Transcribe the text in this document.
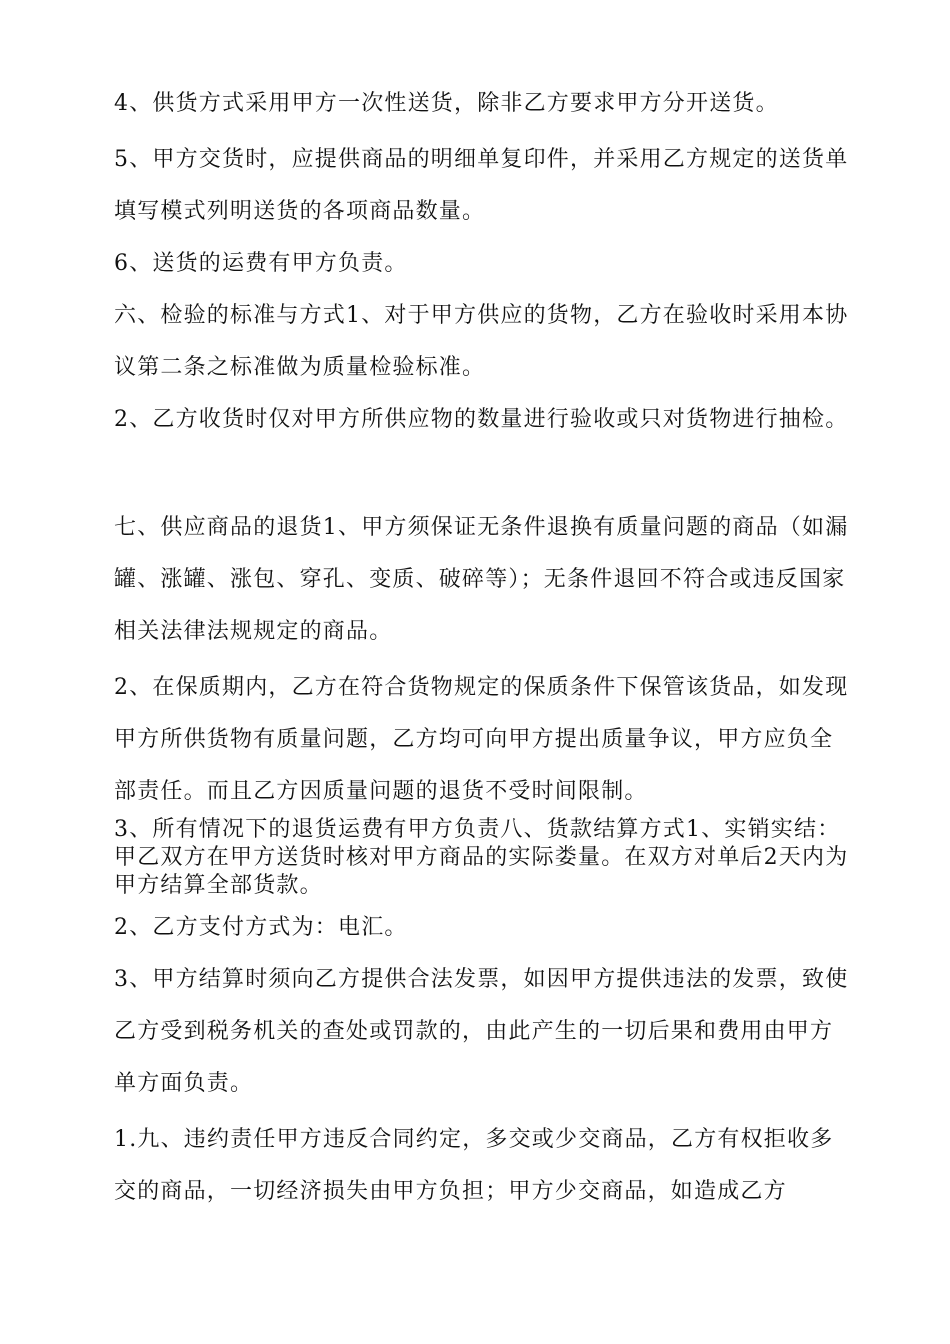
4、供货方式采用甲方一次性送货，除非乙方要求甲方分开送货。

5、甲方交货时，应提供商品的明细单复印件，并采用乙方规定的送货单填写模式列明送货的各项商品数量。

6、送货的运费有甲方负责。

六、检验的标准与方式1、对于甲方供应的货物，乙方在验收时采用本协议第二条之标准做为质量检验标准。

2、乙方收货时仅对甲方所供应物的数量进行验收或只对货物进行抽检。

七、供应商品的退货1、甲方须保证无条件退换有质量问题的商品（如漏罐、涨罐、涨包、穿孔、变质、破碎等）；无条件退回不符合或违反国家相关法律法规规定的商品。

2、在保质期内，乙方在符合货物规定的保质条件下保管该货品，如发现甲方所供货物有质量问题，乙方均可向甲方提出质量争议，甲方应负全部责任。而且乙方因质量问题的退货不受时间限制。

3、所有情况下的退货运费有甲方负责八、货款结算方式1、实销实结：甲乙双方在甲方送货时核对甲方商品的实际娄量。在双方对单后2天内为甲方结算全部货款。

2、乙方支付方式为：电汇。

3、甲方结算时须向乙方提供合法发票，如因甲方提供违法的发票，致使乙方受到税务机关的查处或罚款的，由此产生的一切后果和费用由甲方单方面负责。

1.九、违约责任甲方违反合同约定，多交或少交商品，乙方有权拒收多交的商品，一切经济损失由甲方负担；甲方少交商品，如造成乙方
